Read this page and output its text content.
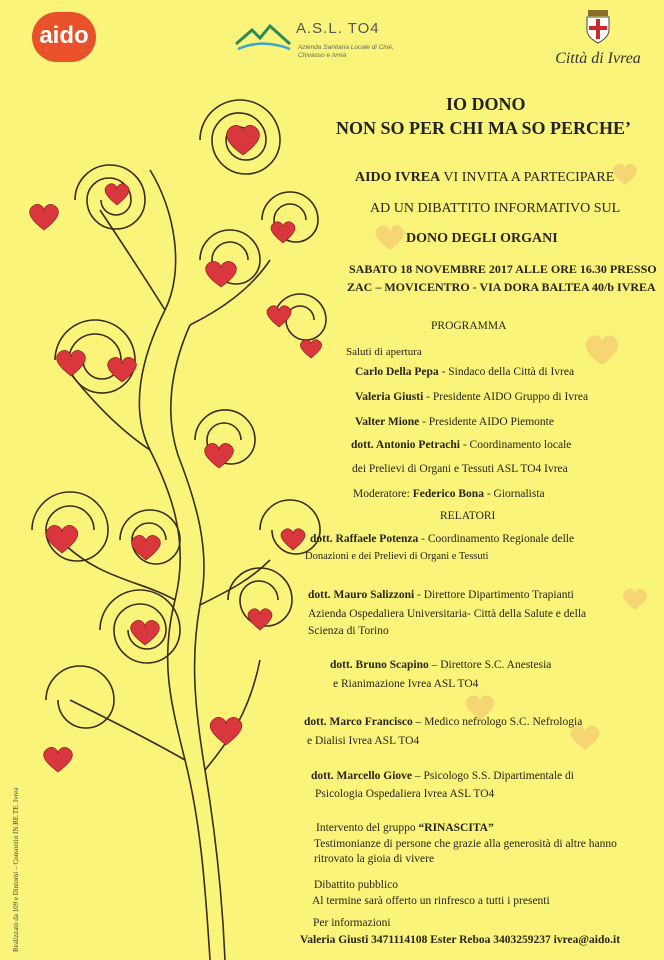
aido	A.S.L. TO4
Azienda Sanitaria Locale di Cirié, Chivasso e Ivrea	Città di Ivrea
IO DONO
NON SO PER CHI MA SO PERCHE’
AIDO IVREA VI INVITA A PARTECIPARE
AD UN DIBATTITO INFORMATIVO SUL
DONO DEGLI ORGANI
SABATO 18 NOVEMBRE 2017 ALLE ORE 16.30 PRESSO
ZAC – MOVICENTRO - VIA DORA BALTEA 40/b IVREA
PROGRAMMA
Saluti di apertura
Carlo Della Pepa - Sindaco della Città di Ivrea
Valeria Giusti - Presidente AIDO Gruppo di Ivrea
Valter Mione - Presidente AIDO Piemonte
dott. Antonio Petrachi - Coordinamento locale
dei Prelievi di Organi e Tessuti ASL TO4 Ivrea
Moderatore: Federico Bona - Giornalista
RELATORI
dott. Raffaele Potenza - Coordinamento Regionale delle
Donazioni e dei Prelievi di Organi e Tessuti
dott. Mauro Salizzoni - Direttore Dipartimento Trapianti
Azienda Ospedaliera Universitaria- Città della Salute e della
Scienza di Torino
dott. Bruno Scapino – Direttore S.C. Anestesia
e Rianimazione Ivrea ASL TO4
dott. Marco Francisco – Medico nefrologo S.C. Nefrologia
e Dialisi Ivrea ASL TO4
dott. Marcello Giove – Psicologo S.S. Dipartimentale di
Psicologia Ospedaliera Ivrea ASL TO4
Intervento del gruppo “RINASCITA”
Testimonianze di persone che grazie alla generosità di altre hanno
ritrovato la gioia di vivere
Dibattito pubblico
Al termine sarà offerto un rinfresco a tutti i presenti
Per informazioni
Valeria Giusti 3471114108 Ester Reboa 3403259237 ivrea@aido.it
Realizzato da 109 e Dintorni – Consorzio IN.RE.TE. Ivrea
